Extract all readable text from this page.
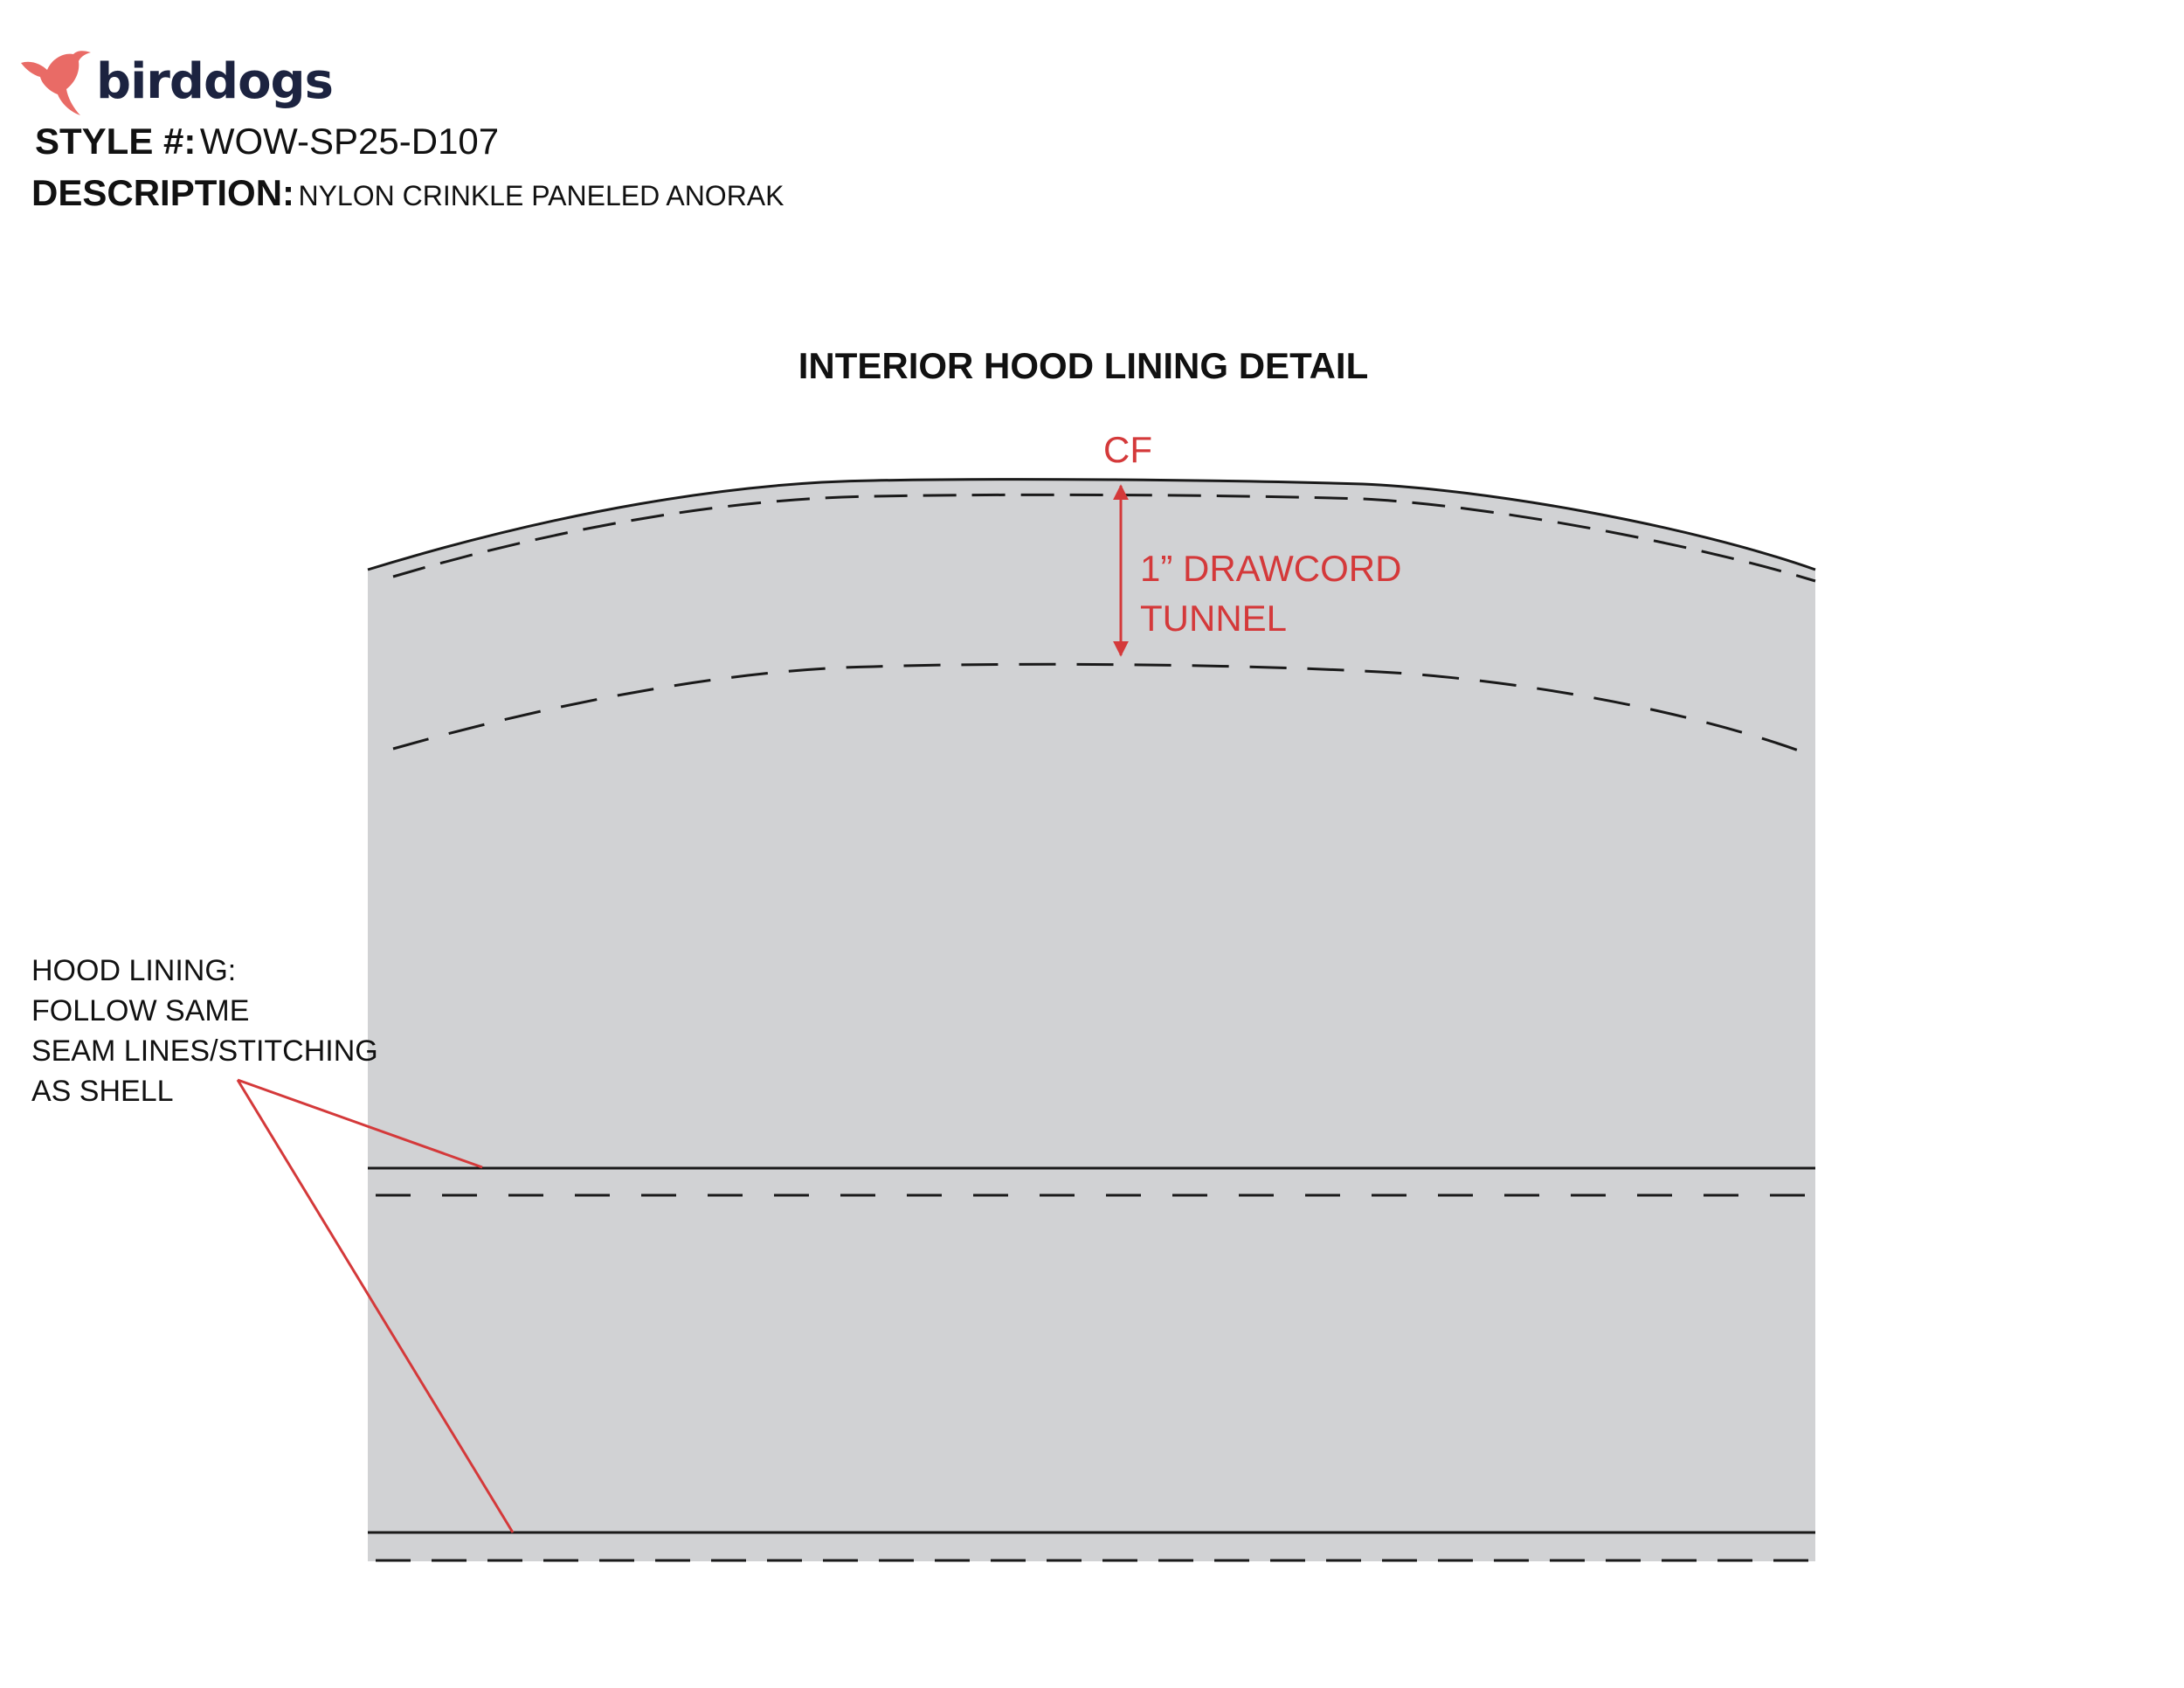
birddogs
STYLE #: WOW-SP25-D107
DESCRIPTION: NYLON CRINKLE PANELED ANORAK
INTERIOR HOOD LINING DETAIL
CF
1” DRAWCORD
TUNNEL
HOOD LINING:
FOLLOW SAME
SEAM LINES/STITCHING
AS SHELL
